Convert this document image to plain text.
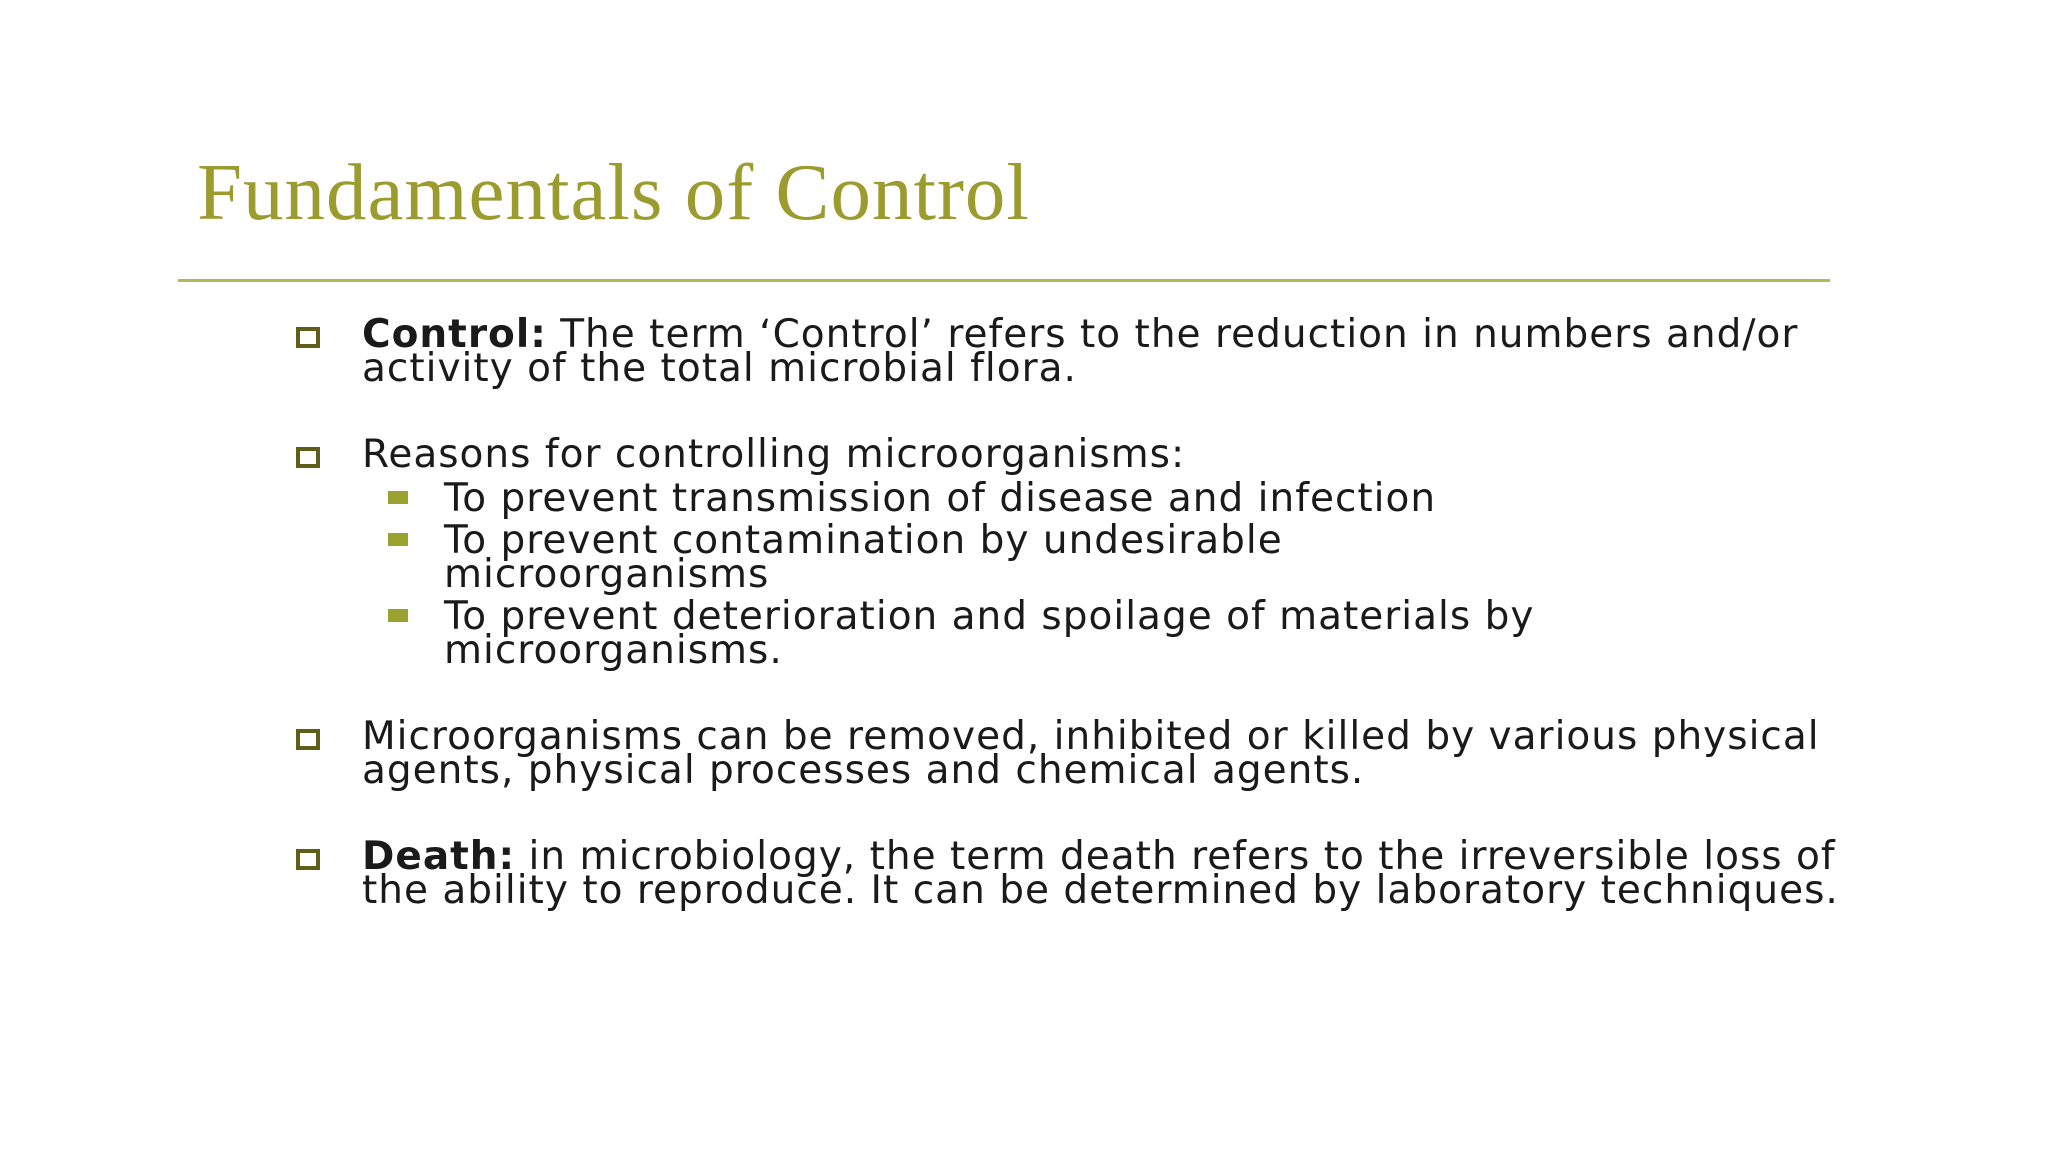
Fundamentals of Control
Control: The term ‘Control’ refers to the reduction in numbers and/or activity of the total microbial flora.
Reasons for controlling microorganisms:
To prevent transmission of disease and infection
To prevent contamination by undesirable microorganisms
To prevent deterioration and spoilage of materials by microorganisms.
Microorganisms can be removed, inhibited or killed by various physical agents, physical processes and chemical agents.
Death: in microbiology, the term death refers to the irreversible loss of the ability to reproduce. It can be determined by laboratory techniques.
